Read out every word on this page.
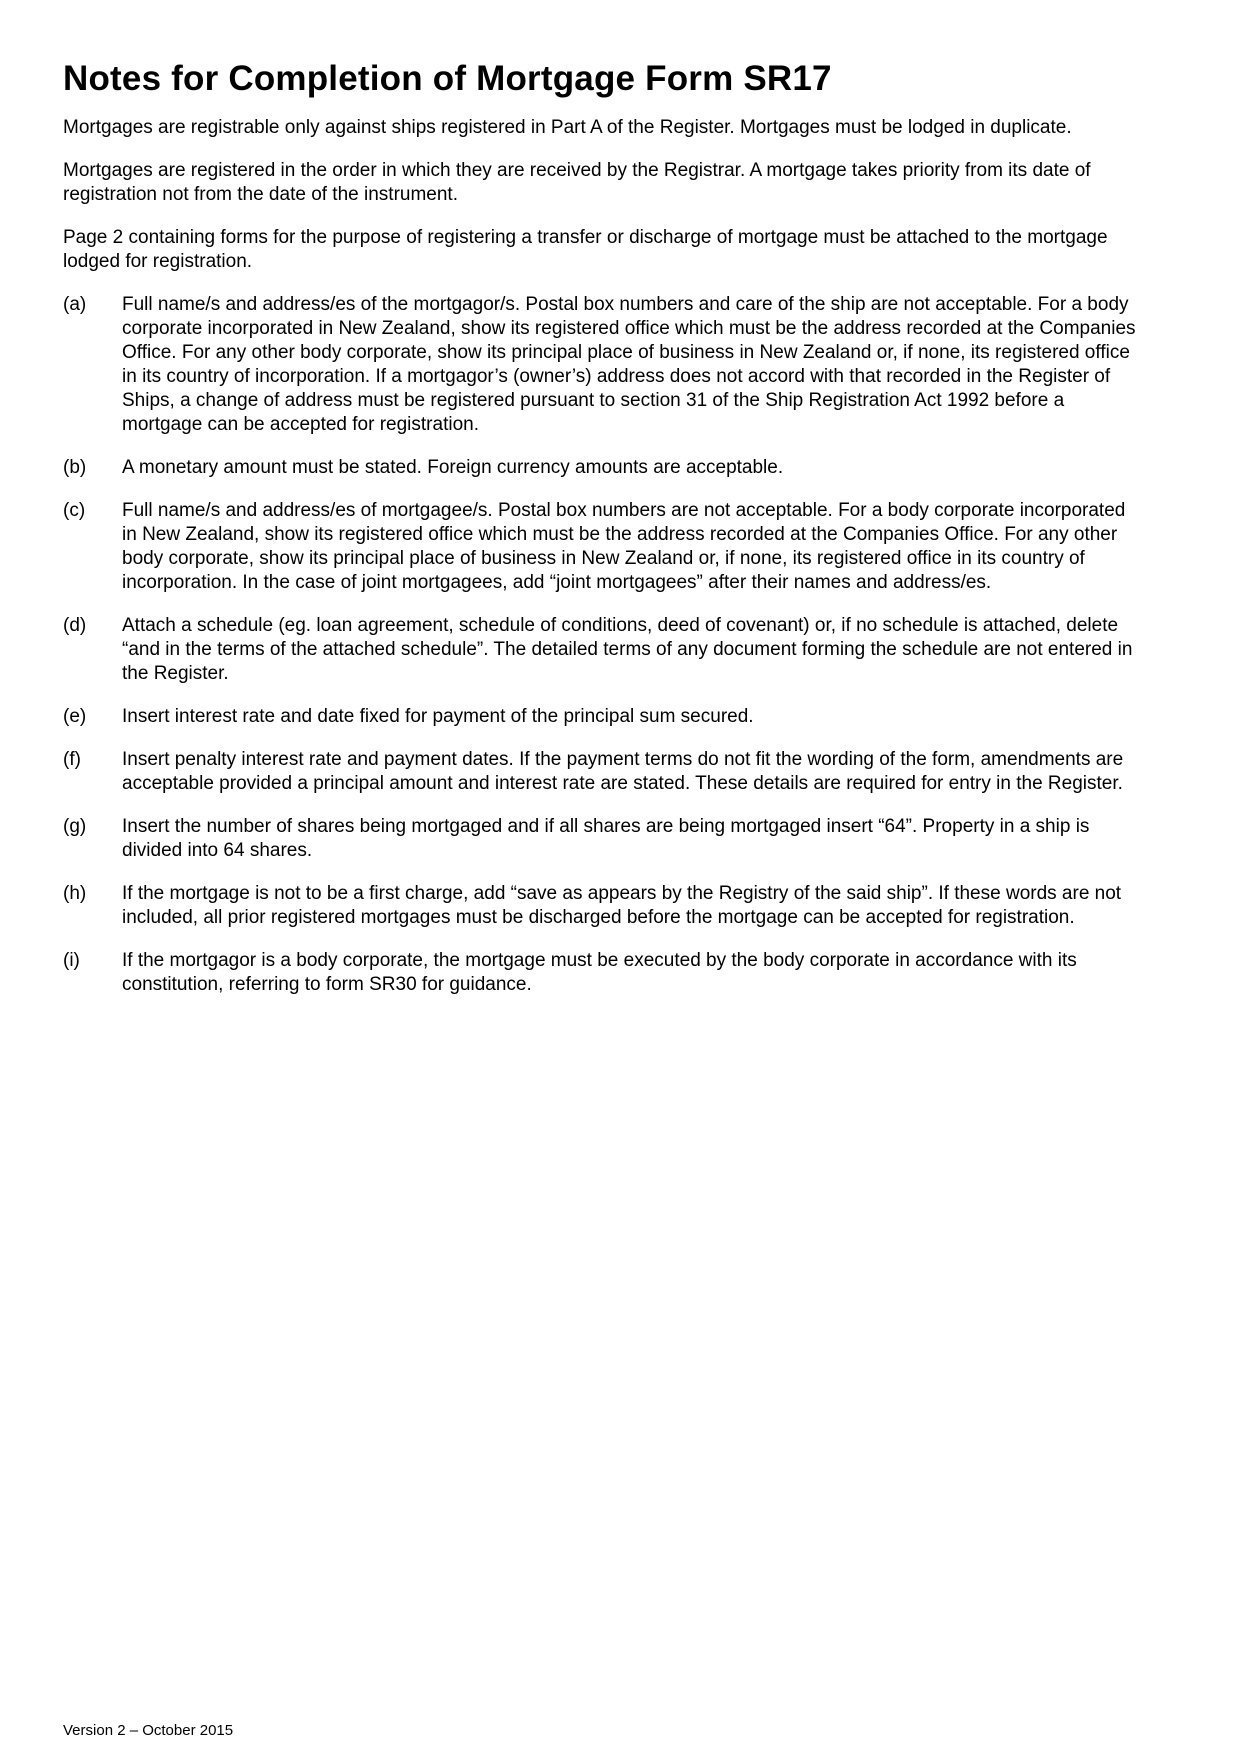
Notes for Completion of Mortgage Form SR17

Mortgages are registrable only against ships registered in Part A of the Register. Mortgages must be lodged in duplicate.

Mortgages are registered in the order in which they are received by the Registrar. A mortgage takes priority from its date of registration not from the date of the instrument.

Page 2 containing forms for the purpose of registering a transfer or discharge of mortgage must be attached to the mortgage lodged for registration.

(a)	Full name/s and address/es of the mortgagor/s. Postal box numbers and care of the ship are not acceptable. For a body corporate incorporated in New Zealand, show its registered office which must be the address recorded at the Companies Office. For any other body corporate, show its principal place of business in New Zealand or, if none, its registered office in its country of incorporation. If a mortgagor’s (owner’s) address does not accord with that recorded in the Register of Ships, a change of address must be registered pursuant to section 31 of the Ship Registration Act 1992 before a mortgage can be accepted for registration.
(b)	A monetary amount must be stated. Foreign currency amounts are acceptable.
(c)	Full name/s and address/es of mortgagee/s. Postal box numbers are not acceptable. For a body corporate incorporated in New Zealand, show its registered office which must be the address recorded at the Companies Office. For any other body corporate, show its principal place of business in New Zealand or, if none, its registered office in its country of incorporation. In the case of joint mortgagees, add “joint mortgagees” after their names and address/es.
(d)	Attach a schedule (eg. loan agreement, schedule of conditions, deed of covenant) or, if no schedule is attached, delete “and in the terms of the attached schedule”. The detailed terms of any document forming the schedule are not entered in the Register.
(e)	Insert interest rate and date fixed for payment of the principal sum secured.
(f)	Insert penalty interest rate and payment dates. If the payment terms do not fit the wording of the form, amendments are acceptable provided a principal amount and interest rate are stated. These details are required for entry in the Register.
(g)	Insert the number of shares being mortgaged and if all shares are being mortgaged insert “64”. Property in a ship is divided into 64 shares.
(h)	If the mortgage is not to be a first charge, add “save as appears by the Registry of the said ship”. If these words are not included, all prior registered mortgages must be discharged before the mortgage can be accepted for registration.
(i)	If the mortgagor is a body corporate, the mortgage must be executed by the body corporate in accordance with its constitution, referring to form SR30 for guidance.
Version 2 – October 2015
